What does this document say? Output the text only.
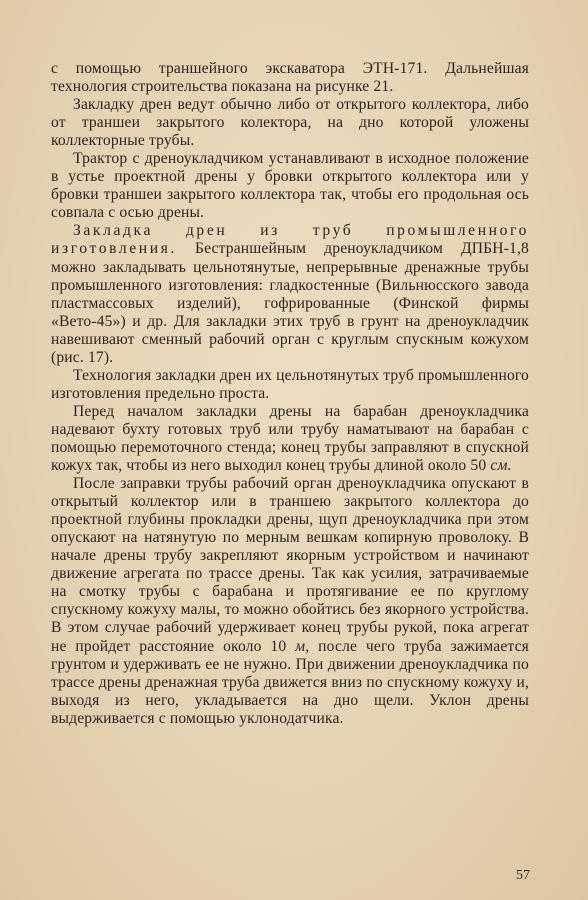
с помощью траншейного экскаватора ЭТН-171. Дальнейшая технология строительства показана на рисунке 21.

Закладку дрен ведут обычно либо от открытого коллектора, либо от траншеи закрытого колектора, на дно которой уложены коллекторные трубы.

Трактор с дреноукладчиком устанавливают в исходное положение в устье проектной дрены у бровки открытого коллектора или у бровки траншеи закрытого коллектора так, чтобы его продольная ось совпала с осью дрены.

Закладка дрен из труб промышленного изготовления. Бестраншейным дреноукладчиком ДПБН-1,8 можно закладывать цельнотянутые, непрерывные дренажные трубы промышленного изготовления: гладкостенные (Вильнюсского завода пластмассовых изделий), гофрированные (Финской фирмы «Вето-45») и др. Для закладки этих труб в грунт на дреноукладчик навешивают сменный рабочий орган с круглым спускным кожухом (рис. 17).

Технология закладки дрен их цельнотянутых труб промышленного изготовления предельно проста.

Перед началом закладки дрены на барабан дреноукладчика надевают бухту готовых труб или трубу наматывают на барабан с помощью перемоточного стенда; конец трубы заправляют в спускной кожух так, чтобы из него выходил конец трубы длиной около 50 см.

После заправки трубы рабочий орган дреноукладчика опускают в открытый коллектор или в траншею закрытого коллектора до проектной глубины прокладки дрены, щуп дреноукладчика при этом опускают на натянутую по мерным вешкам копирную проволоку. В начале дрены трубу закрепляют якорным устройством и начинают движение агрегата по трассе дрены. Так как усилия, затрачиваемые на смотку трубы с барабана и протягивание ее по круглому спускному кожуху малы, то можно обойтись без якорного устройства. В этом случае рабочий удерживает конец трубы рукой, пока агрегат не пройдет расстояние около 10 м, после чего труба зажимается грунтом и удерживать ее не нужно. При движении дреноукладчика по трассе дрены дренажная труба движется вниз по спускному кожуху и, выходя из него, укладывается на дно щели. Уклон дрены выдерживается с помощью уклонодатчика.

57
